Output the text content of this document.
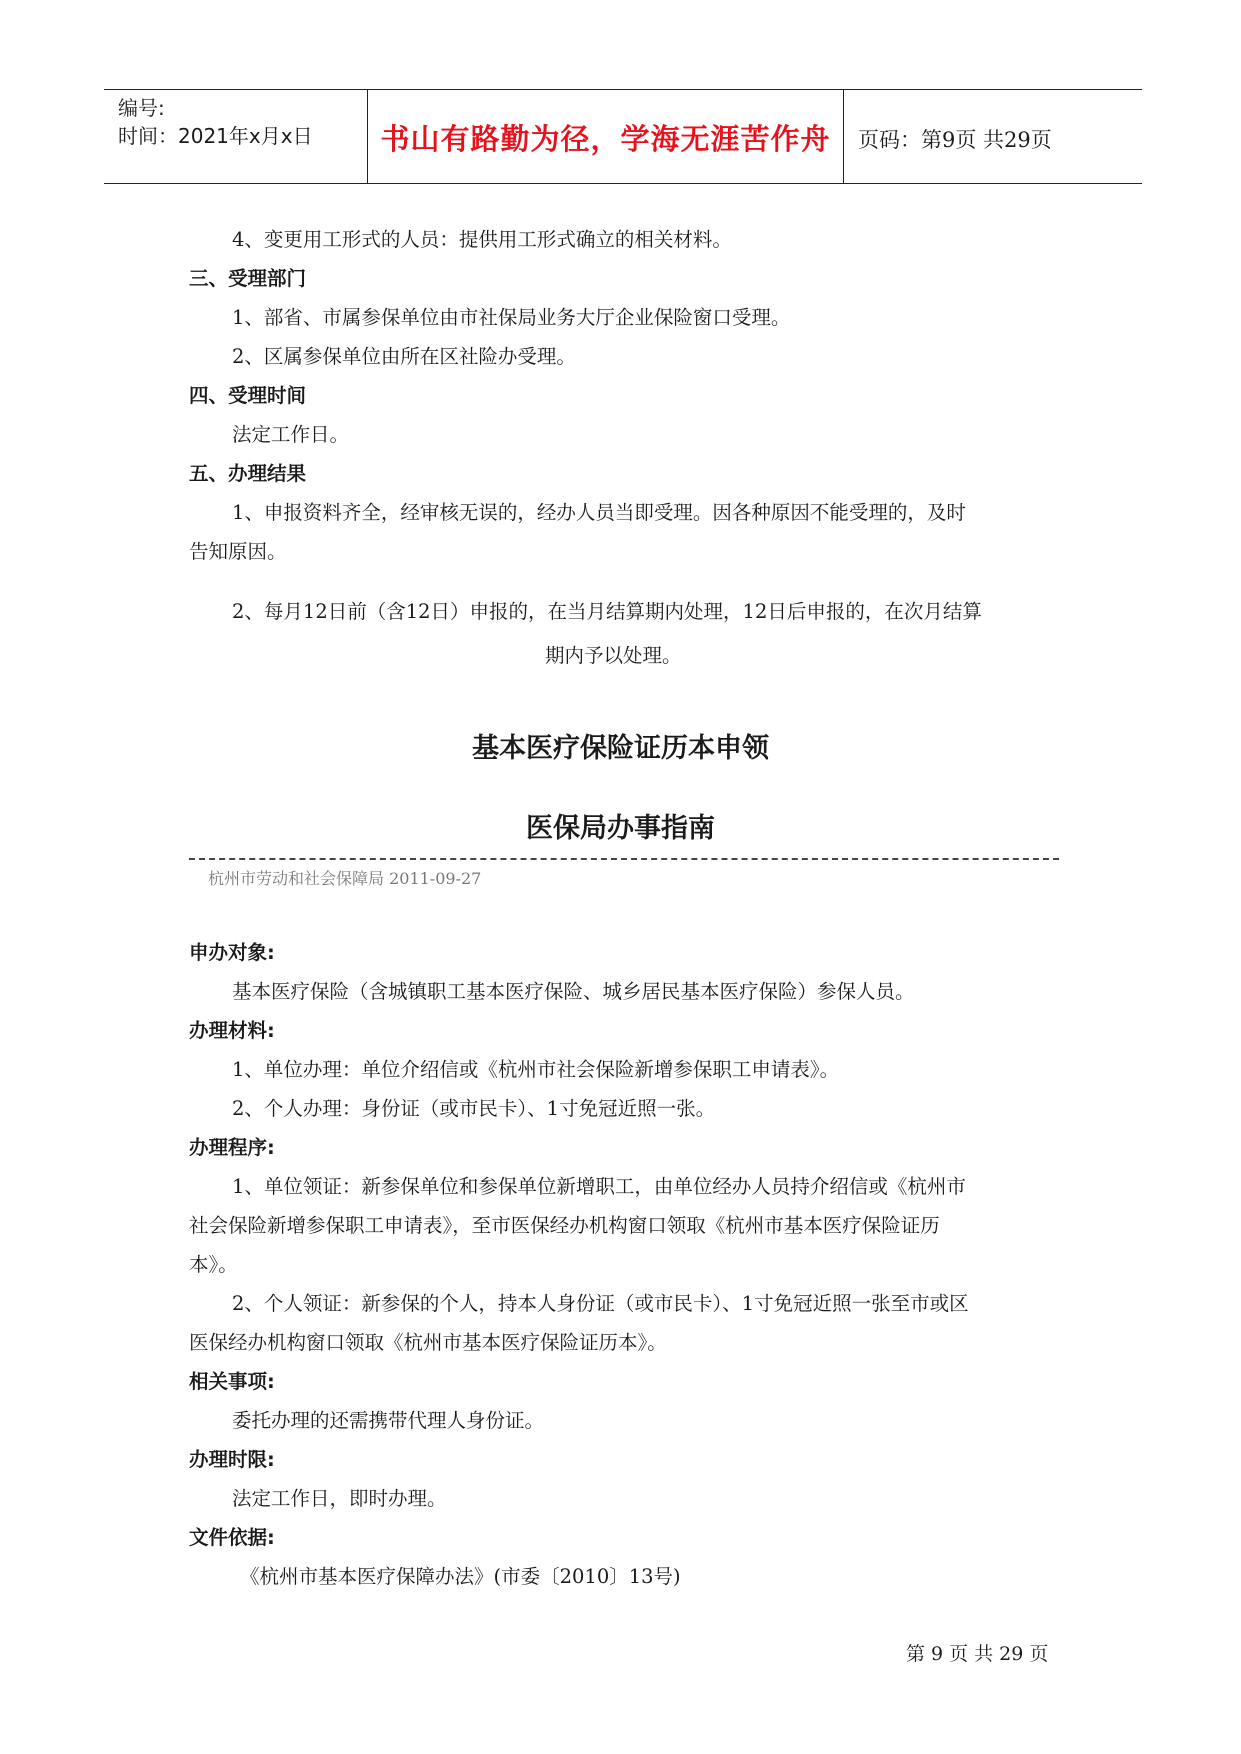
编号:
时间：2021年x月x日	书山有路勤为径，学海无涯苦作舟	页码：第9页 共29页
4、变更用工形式的人员：提供用工形式确立的相关材料。
三、受理部门
1、部省、市属参保单位由市社保局业务大厅企业保险窗口受理。
2、区属参保单位由所在区社险办受理。
四、受理时间
法定工作日。
五、办理结果
1、申报资料齐全，经审核无误的，经办人员当即受理。因各种原因不能受理的，及时
告知原因。
2、每月12日前（含12日）申报的，在当月结算期内处理，12日后申报的，在次月结算
期内予以处理。
基本医疗保险证历本申领
医保局办事指南
杭州市劳动和社会保障局 2011-09-27
申办对象:
基本医疗保险（含城镇职工基本医疗保险、城乡居民基本医疗保险）参保人员。
办理材料:
1、单位办理：单位介绍信或《杭州市社会保险新增参保职工申请表》。
2、个人办理：身份证（或市民卡）、1寸免冠近照一张。
办理程序:
1、单位领证：新参保单位和参保单位新增职工，由单位经办人员持介绍信或《杭州市
社会保险新增参保职工申请表》，至市医保经办机构窗口领取《杭州市基本医疗保险证历
本》。
2、个人领证：新参保的个人，持本人身份证（或市民卡）、1寸免冠近照一张至市或区
医保经办机构窗口领取《杭州市基本医疗保险证历本》。
相关事项:
委托办理的还需携带代理人身份证。
办理时限:
法定工作日，即时办理。
文件依据:
《杭州市基本医疗保障办法》(市委〔2010〕13号)
第 9 页 共 29 页
